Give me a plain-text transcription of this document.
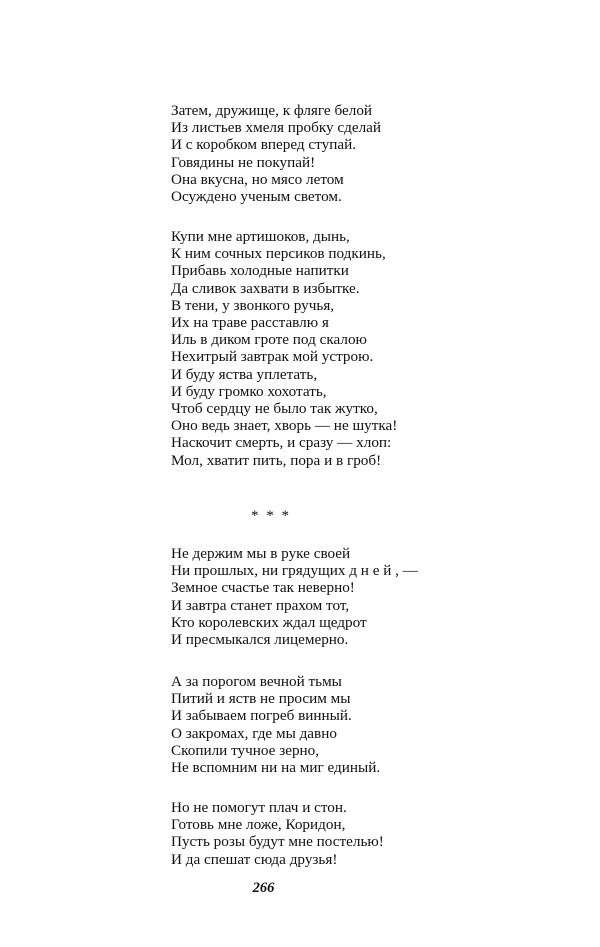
Затем, дружище, к фляге белой
Из листьев хмеля пробку сделай
И с коробком вперед ступай.
Говядины не покупай!
Она вкусна, но мясо летом
Осуждено ученым светом.
Купи мне артишоков, дынь,
К ним сочных персиков подкинь,
Прибавь холодные напитки
Да сливок захвати в избытке.
В тени, у звонкого ручья,
Их на траве расставлю я
Иль в диком гроте под скалою
Нехитрый завтрак мой устрою.
И буду яства уплетать,
И буду громко хохотать,
Чтоб сердцу не было так жутко,
Оно ведь знает, хворь — не шутка!
Наскочит смерть, и сразу — хлоп:
Мол, хватит пить, пора и в гроб!
* * *
Не держим мы в руке своей
Ни прошлых, ни грядущих д н е й , —
Земное счастье так неверно!
И завтра станет прахом тот,
Кто королевских ждал щедрот
И пресмыкался лицемерно.
А за порогом вечной тьмы
Питий и яств не просим мы
И забываем погреб винный.
О закромах, где мы давно
Скопили тучное зерно,
Не вспомним ни на миг единый.
Но не помогут плач и стон.
Готовь мне ложе, Коридон,
Пусть розы будут мне постелью!
И да спешат сюда друзья!
266
